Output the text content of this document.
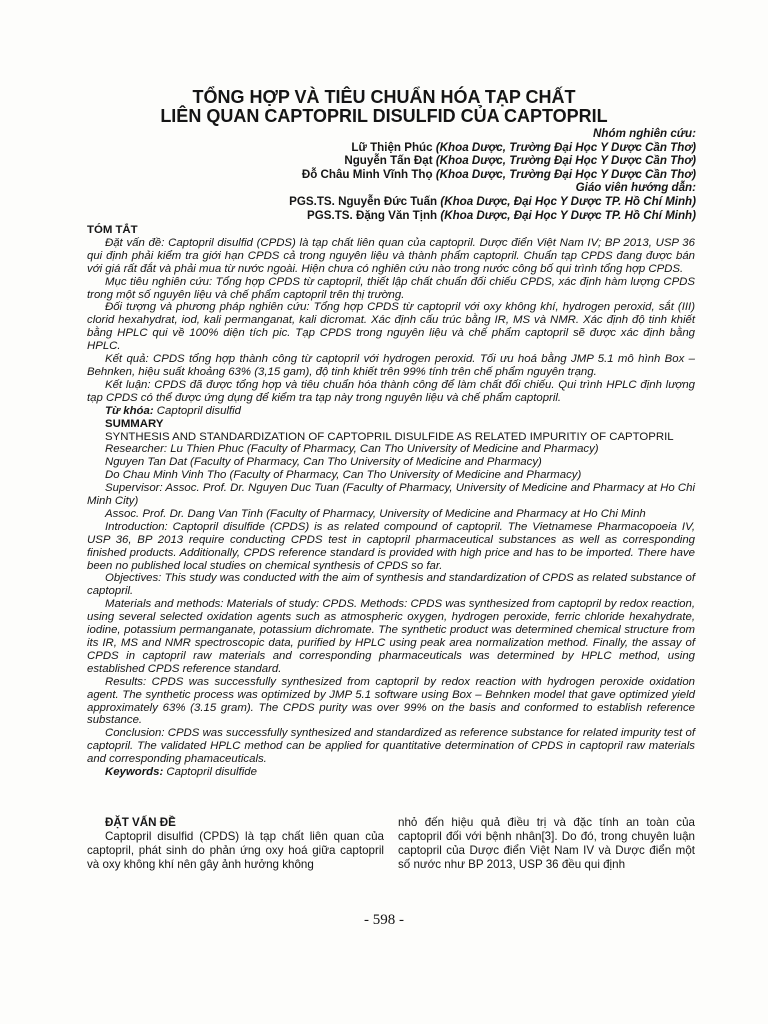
TỔNG HỢP VÀ TIÊU CHUẨN HÓA TẠP CHẤT
LIÊN QUAN CAPTOPRIL DISULFID CỦA CAPTOPRIL
Nhóm nghiên cứu:
Lữ Thiện Phúc (Khoa Dược, Trường Đại Học Y Dược Cần Thơ)
Nguyễn Tấn Đạt (Khoa Dược, Trường Đại Học Y Dược Cần Thơ)
Đỗ Châu Minh Vĩnh Thọ (Khoa Dược, Trường Đại Học Y Dược Cần Thơ)
Giáo viên hướng dẫn:
PGS.TS. Nguyễn Đức Tuấn (Khoa Dược, Đại Học Y Dược TP. Hồ Chí Minh)
PGS.TS. Đặng Văn Tịnh (Khoa Dược, Đại Học Y Dược TP. Hồ Chí Minh)

TÓM TẮT

Đặt vấn đề: Captopril disulfid (CPDS) là tạp chất liên quan của captopril. Dược điển Việt Nam IV; BP 2013, USP 36 qui định phải kiểm tra giới hạn CPDS cả trong nguyên liệu và thành phẩm captopril. Chuẩn tạp CPDS đang được bán với giá rất đắt và phải mua từ nước ngoài. Hiện chưa có nghiên cứu nào trong nước công bố qui trình tổng hợp CPDS.

Mục tiêu nghiên cứu: Tổng hợp CPDS từ captopril, thiết lập chất chuẩn đối chiếu CPDS, xác định hàm lượng CPDS trong một số nguyên liệu và chế phẩm captopril trên thị trường.

Đối tượng và phương pháp nghiên cứu: Tổng hợp CPDS từ captopril với oxy không khí, hydrogen peroxid, sắt (III) clorid hexahydrat, iod, kali permanganat, kali dicromat. Xác định cấu trúc bằng IR, MS và NMR. Xác định độ tinh khiết bằng HPLC qui về 100% diện tích pic. Tạp CPDS trong nguyên liệu và chế phẩm captopril sẽ được xác định bằng HPLC.

Kết quả: CPDS tổng hợp thành công từ captopril với hydrogen peroxid. Tối ưu hoá bằng JMP 5.1 mô hình Box – Behnken, hiệu suất khoảng 63% (3,15 gam), độ tinh khiết trên 99% tính trên chế phẩm nguyên trạng.

Kết luận: CPDS đã được tổng hợp và tiêu chuẩn hóa thành công để làm chất đối chiếu. Qui trình HPLC định lượng tạp CPDS có thể được ứng dụng để kiểm tra tạp này trong nguyên liệu và chế phẩm captopril.

Từ khóa: Captopril disulfid

SUMMARY

SYNTHESIS AND STANDARDIZATION OF CAPTOPRIL DISULFIDE AS RELATED IMPURITIY OF CAPTOPRIL

Researcher: Lu Thien Phuc (Faculty of Pharmacy, Can Tho University of Medicine and Pharmacy)

Nguyen Tan Dat (Faculty of Pharmacy, Can Tho University of Medicine and Pharmacy)

Do Chau Minh Vinh Tho (Faculty of Pharmacy, Can Tho University of Medicine and Pharmacy)

Supervisor: Assoc. Prof. Dr. Nguyen Duc Tuan (Faculty of Pharmacy, University of Medicine and Pharmacy at Ho Chi Minh City)

Assoc. Prof. Dr. Dang Van Tinh (Faculty of Pharmacy, University of Medicine and Pharmacy at Ho Chi Minh

Introduction: Captopril disulfide (CPDS) is as related compound of captopril. The Vietnamese Pharmacopoeia IV, USP 36, BP 2013 require conducting CPDS test in captopril pharmaceutical substances as well as corresponding finished products. Additionally, CPDS reference standard is provided with high price and has to be imported. There have been no published local studies on chemical synthesis of CPDS so far.

Objectives: This study was conducted with the aim of synthesis and standardization of CPDS as related substance of captopril.

Materials and methods: Materials of study: CPDS. Methods: CPDS was synthesized from captopril by redox reaction, using several selected oxidation agents such as atmospheric oxygen, hydrogen peroxide, ferric chloride hexahydrate, iodine, potassium permanganate, potassium dichromate. The synthetic product was determined chemical structure from its IR, MS and NMR spectroscopic data, purified by HPLC using peak area normalization method. Finally, the assay of CPDS in captopril raw materials and corresponding pharmaceuticals was determined by HPLC method, using established CPDS reference standard.

Results: CPDS was successfully synthesized from captopril by redox reaction with hydrogen peroxide oxidation agent. The synthetic process was optimized by JMP 5.1 software using Box – Behnken model that gave optimized yield approximately 63% (3.15 gram). The CPDS purity was over 99% on the basis and conformed to establish reference substance.

Conclusion: CPDS was successfully synthesized and standardized as reference substance for related impurity test of captopril. The validated HPLC method can be applied for quantitative determination of CPDS in captopril raw materials and corresponding phamaceuticals.

Keywords: Captopril disulfide

ĐẶT VẤN ĐỀ

Captopril disulfid (CPDS) là tạp chất liên quan của captopril, phát sinh do phản ứng oxy hoá giữa captopril và oxy không khí nên gây ảnh hưởng không

nhỏ đến hiệu quả điều trị và đặc tính an toàn của captopril đối với bệnh nhân[3]. Do đó, trong chuyên luận captopril của Dược điển Việt Nam IV và Dược điển một số nước như BP 2013, USP 36 đều qui định

- 598 -
